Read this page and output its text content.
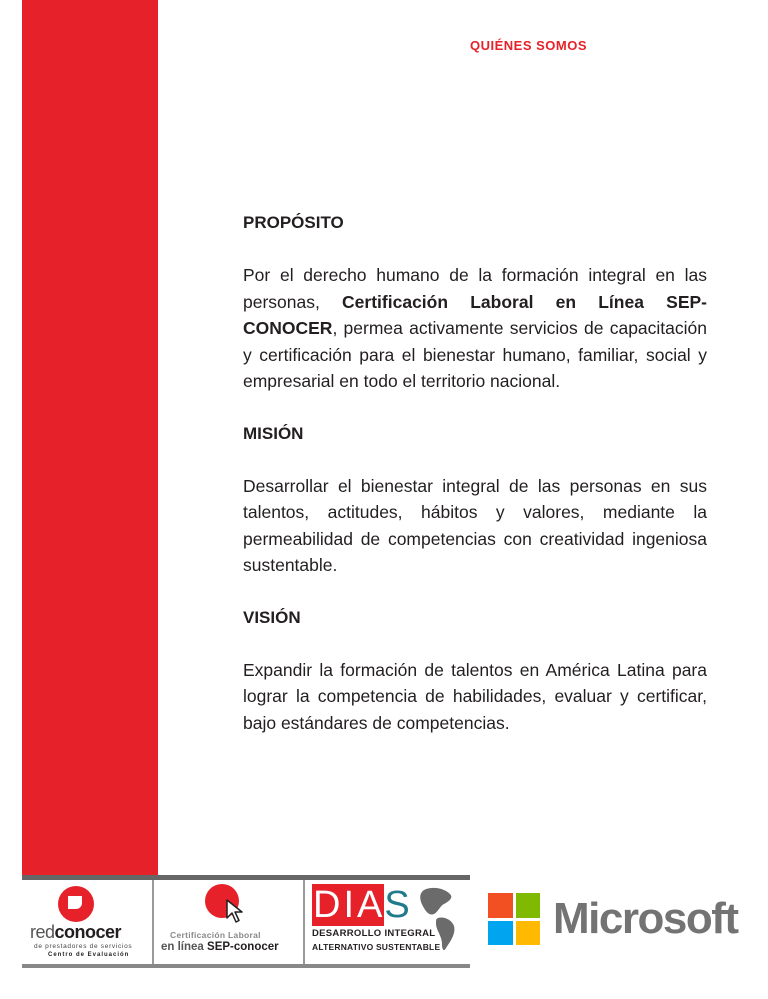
QUIÉNES SOMOS
PROPÓSITO

Por el derecho humano de la formación integral en las personas, Certificación Laboral en Línea SEP-CONOCER, permea activamente servicios de capacitación y certificación para el bienestar humano, familiar, social y empresarial en todo el territorio nacional.

MISIÓN

Desarrollar el bienestar integral de las personas en sus talentos, actitudes, hábitos y valores, mediante la permeabilidad de competencias con creatividad ingeniosa sustentable.

VISIÓN

Expandir la formación de talentos en América Latina para lograr la competencia de habilidades, evaluar y certificar, bajo estándares de competencias.

redconocer
de prestadores de servicios
Centro de Evaluación
Certificación Laboral
en línea SEP-conocer
DIAS
DESARROLLO INTEGRAL
ALTERNATIVO SUSTENTABLE
Microsoft
